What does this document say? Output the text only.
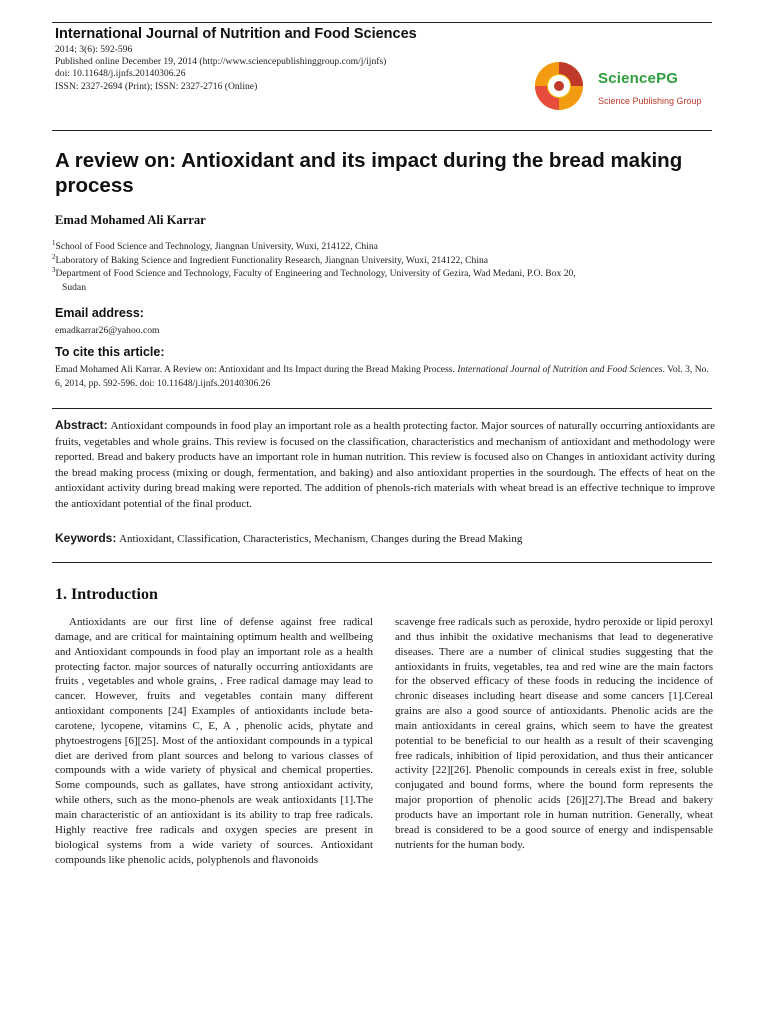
International Journal of Nutrition and Food Sciences
2014; 3(6): 592-596
Published online December 19, 2014 (http://www.sciencepublishinggroup.com/j/ijnfs)
doi: 10.11648/j.ijnfs.20140306.26
ISSN: 2327-2694 (Print); ISSN: 2327-2716 (Online)	SciencePG
Science Publishing Group
A review on: Antioxidant and its impact during the bread making process
Emad Mohamed Ali Karrar
$^1$School of Food Science and Technology, Jiangnan University, Wuxi, 214122, China
$^2$Laboratory of Baking Science and Ingredient Functionality Research, Jiangnan University, Wuxi, 214122, China
$^3$Department of Food Science and Technology, Faculty of Engineering and Technology, University of Gezira, Wad Medani, P.O. Box 20,
Sudan
Email address:
emadkarrar26@yahoo.com
To cite this article:
Emad Mohamed Ali Karrar. A Review on: Antioxidant and Its Impact during the Bread Making Process. International Journal of Nutrition and Food Sciences. Vol. 3, No. 6, 2014, pp. 592-596. doi: 10.11648/j.ijnfs.20140306.26
Abstract: Antioxidant compounds in food play an important role as a health protecting factor. Major sources of naturally occurring antioxidants are fruits, vegetables and whole grains. This review is focused on the classification, characteristics and mechanism of antioxidant and methodology were reported. Bread and bakery products have an important role in human nutrition. This review is focused also on Changes in antioxidant activity during the bread making process (mixing or dough, fermentation, and baking) and also antioxidant properties in the sourdough. The effects of heat on the antioxidant activity during bread making were reported. The addition of phenols-rich materials with wheat bread is an effective technique to improve the antioxidant potential of the final product.
Keywords: Antioxidant, Classification, Characteristics, Mechanism, Changes during the Bread Making
1. Introduction
Antioxidants are our first line of defense against free radical damage, and are critical for maintaining optimum health and wellbeing and Antioxidant compounds in food play an important role as a health protecting factor. major sources of naturally occurring antioxidants are fruits , vegetables and whole grains, . Free radical damage may lead to cancer. However, fruits and vegetables contain many different antioxidant components [24] Examples of antioxidants include beta-carotene, lycopene, vitamins C, E, A , phenolic acids, phytate and phytoestrogens [6][25]. Most of the antioxidant compounds in a typical diet are derived from plant sources and belong to various classes of compounds with a wide variety of physical and chemical properties. Some compounds, such as gallates, have strong antioxidant activity, while others, such as the mono-phenols are weak antioxidants [1].The main characteristic of an antioxidant is its ability to trap free radicals. Highly reactive free radicals and oxygen species are present in biological systems from a wide variety of sources. Antioxidant compounds like phenolic acids, polyphenols and flavonoids
scavenge free radicals such as peroxide, hydro peroxide or lipid peroxyl and thus inhibit the oxidative mechanisms that lead to degenerative diseases. There are a number of clinical studies suggesting that the antioxidants in fruits, vegetables, tea and red wine are the main factors for the observed efficacy of these foods in reducing the incidence of chronic diseases including heart disease and some cancers [1].Cereal grains are also a good source of antioxidants. Phenolic acids are the main antioxidants in cereal grains, which seem to have the greatest potential to be beneficial to our health as a result of their scavenging free radicals, inhibition of lipid peroxidation, and thus their anticancer activity [22][26]. Phenolic compounds in cereals exist in free, soluble conjugated and bound forms, where the bound form represents the major proportion of phenolic acids [26][27].The Bread and bakery products have an important role in human nutrition. Generally, wheat bread is considered to be a good source of energy and indispensable nutrients for the human body.
